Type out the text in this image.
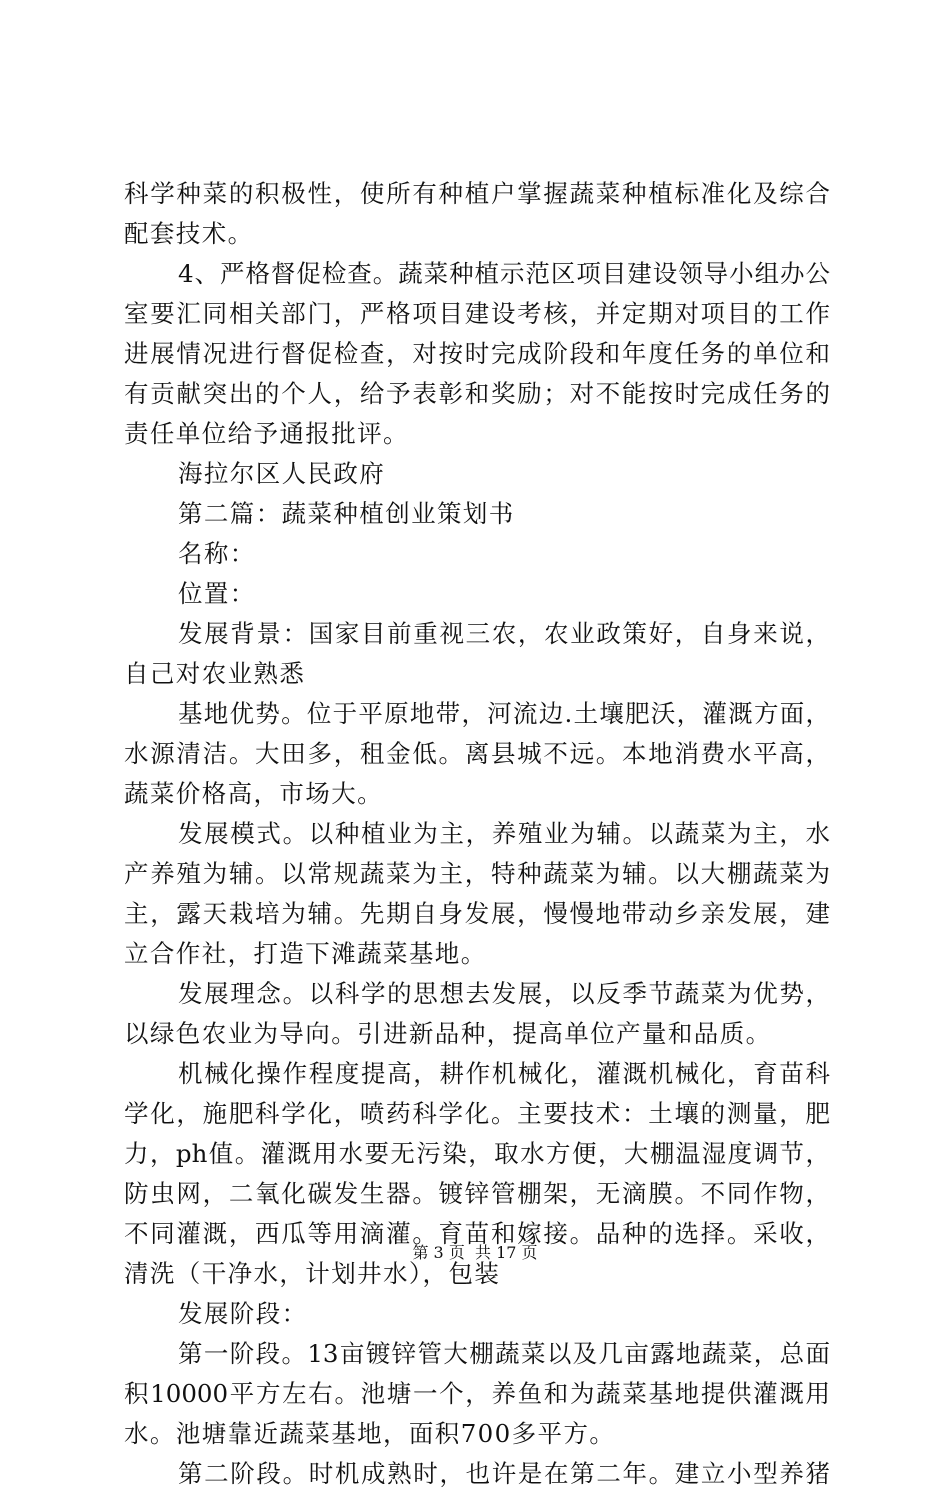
科学种菜的积极性，使所有种植户掌握蔬菜种植标准化及综合
配套技术。
4、严格督促检查。蔬菜种植示范区项目建设领导小组办公
室要汇同相关部门，严格项目建设考核，并定期对项目的工作
进展情况进行督促检查，对按时完成阶段和年度任务的单位和
有贡献突出的个人，给予表彰和奖励；对不能按时完成任务的
责任单位给予通报批评。
海拉尔区人民政府
第二篇：蔬菜种植创业策划书
名称：
位置：
发展背景：国家目前重视三农，农业政策好，自身来说，
自己对农业熟悉
基地优势。位于平原地带，河流边.土壤肥沃，灌溉方面，
水源清洁。大田多，租金低。离县城不远。本地消费水平高，
蔬菜价格高，市场大。
发展模式。以种植业为主，养殖业为辅。以蔬菜为主，水
产养殖为辅。以常规蔬菜为主，特种蔬菜为辅。以大棚蔬菜为
主，露天栽培为辅。先期自身发展，慢慢地带动乡亲发展，建
立合作社，打造下滩蔬菜基地。
发展理念。以科学的思想去发展，以反季节蔬菜为优势，
以绿色农业为导向。引进新品种，提高单位产量和品质。
机械化操作程度提高，耕作机械化，灌溉机械化，育苗科
学化，施肥科学化，喷药科学化。主要技术：土壤的测量，肥
力，ph值。灌溉用水要无污染，取水方便，大棚温湿度调节，
防虫网，二氧化碳发生器。镀锌管棚架，无滴膜。不同作物，
不同灌溉，西瓜等用滴灌。育苗和嫁接。品种的选择。采收，
清洗（干净水，计划井水），包装
发展阶段：
第一阶段。13亩镀锌管大棚蔬菜以及几亩露地蔬菜，总面
积10000平方左右。池塘一个，养鱼和为蔬菜基地提供灌溉用
水。池塘靠近蔬菜基地，面积700多平方。
第二阶段。时机成熟时，也许是在第二年。建立小型养猪
第 3 页  共 17 页
